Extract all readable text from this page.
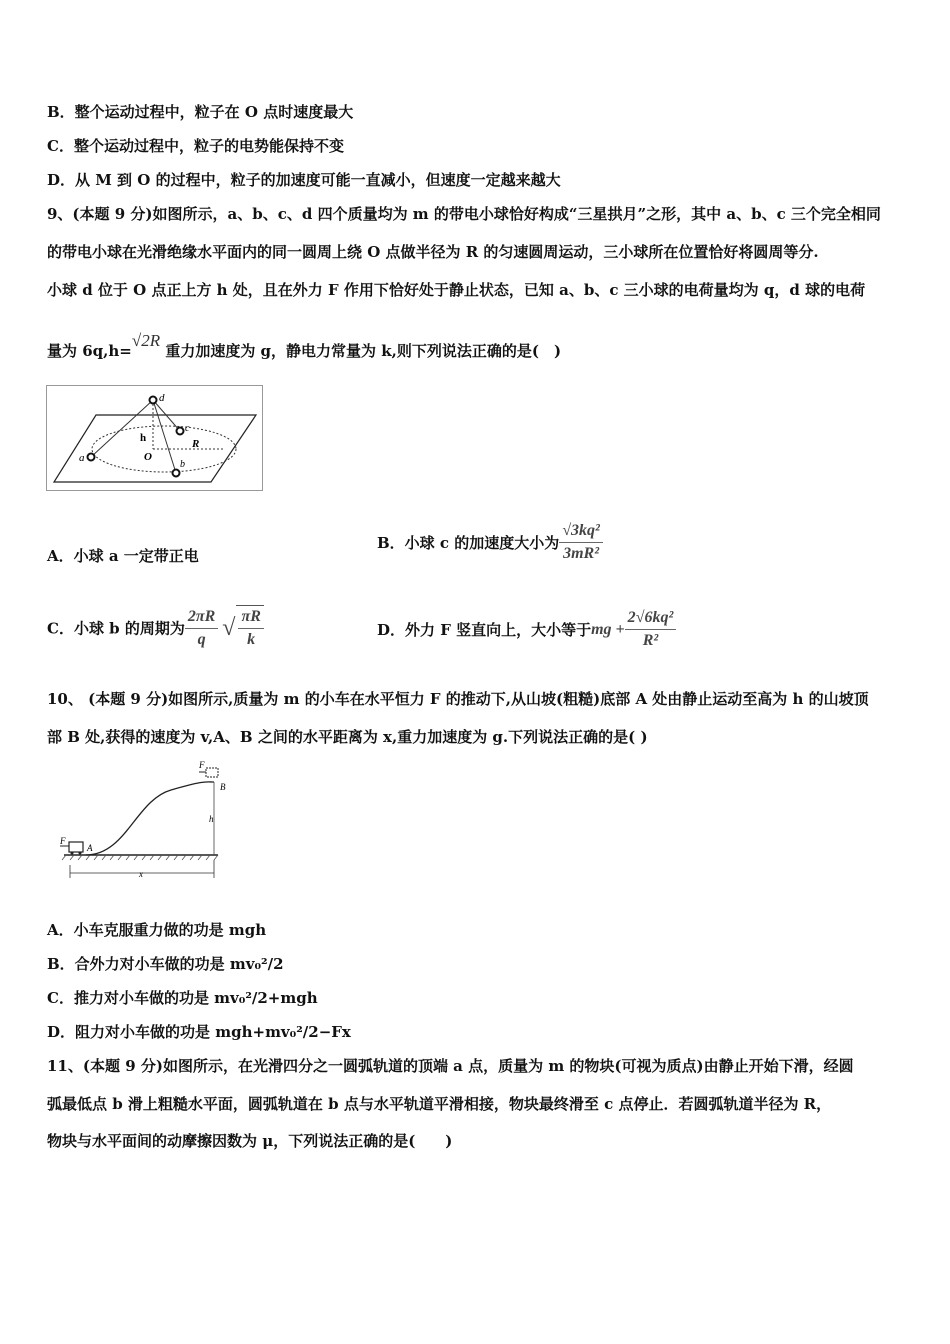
B．整个运动过程中，粒子在 O 点时速度最大
C．整个运动过程中，粒子的电势能保持不变
D．从 M 到 O 的过程中，粒子的加速度可能一直减小，但速度一定越来越大
9、(本题 9 分)如图所示，a、b、c、d 四个质量均为 m 的带电小球恰好构成“三星拱月”之形，其中 a、b、c 三个完全相同
的带电小球在光滑绝缘水平面内的同一圆周上绕 O 点做半径为 R 的匀速圆周运动，三小球所在位置恰好将圆周等分.
小球 d 位于 O 点正上方 h 处，且在外力 F 作用下恰好处于静止状态，已知 a、b、c 三小球的电荷量均为 q，d 球的电荷
量为 6q,h=√2R 重力加速度为 g，静电力常量为 k,则下列说法正确的是(　)
d
c
h	R
O
a
b
A．小球 a 一定带正电
B．小球 c 的加速度大小为 $\frac{\text{√3kq²}}{\text{3mR²}}$
C．小球 b 的周期为 $\frac{2\pi R}{q}$ √ $\frac{\pi R}{k}$	D．外力 F 竖直向上，大小等于mg + $\frac{\text{2√6kq²}}{\text{R²}}$
10、 (本题 9 分)如图所示,质量为 m 的小车在水平恒力 F 的推动下,从山坡(粗糙)底部 A 处由静止运动至高为 h 的山坡顶
部 B 处,获得的速度为 v,A、B 之间的水平距离为 x,重力加速度为 g.下列说法正确的是( )
F
B
h
F
A
x
A．小车克服重力做的功是 mgh
B．合外力对小车做的功是 mv₀²/2
C．推力对小车做的功是 mv₀²/2+mgh
D．阻力对小车做的功是 mgh+mv₀²/2−Fx
11、(本题 9 分)如图所示，在光滑四分之一圆弧轨道的顶端 a 点，质量为 m 的物块(可视为质点)由静止开始下滑，经圆
弧最低点 b 滑上粗糙水平面，圆弧轨道在 b 点与水平轨道平滑相接，物块最终滑至 c 点停止．若圆弧轨道半径为 R，
物块与水平面间的动摩擦因数为 μ，下列说法正确的是(　　)
